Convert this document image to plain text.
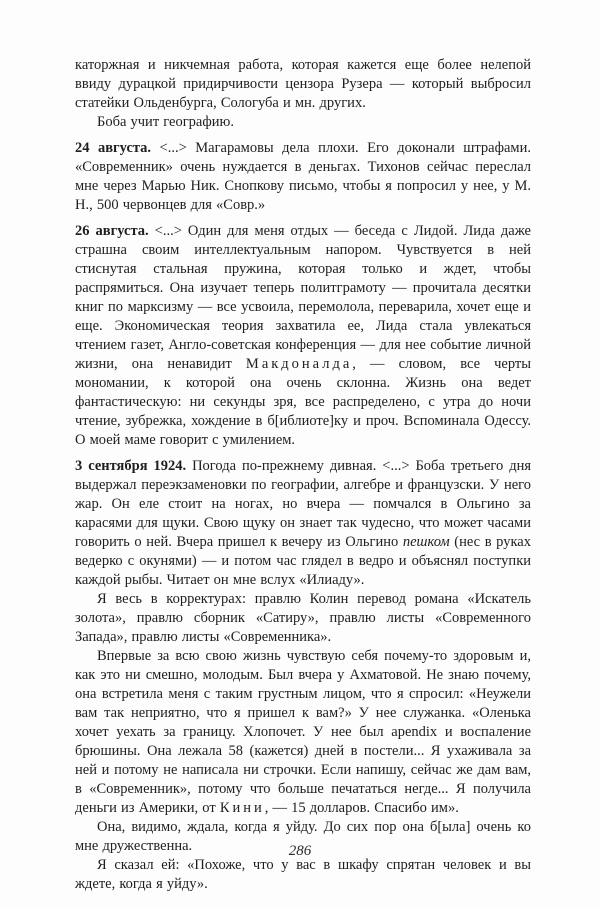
каторжная и никчемная работа, которая кажется еще более нелепой ввиду дурацкой придирчивости цензора Рузера — который выбросил статейки Ольденбурга, Сологуба и мн. других.

Боба учит географию.

24 августа. <...> Магарамовы дела плохи. Его доконали штрафами. «Современник» очень нуждается в деньгах. Тихонов сейчас переслал мне через Марью Ник. Снопкову письмо, чтобы я попросил у нее, у М. Н., 500 червонцев для «Совр.»

26 августа. <...> Один для меня отдых — беседа с Лидой. Лида даже страшна своим интеллектуальным напором. Чувствуется в ней стиснутая стальная пружина, которая только и ждет, чтобы распрямиться. Она изучает теперь политграмоту — прочитала десятки книг по марксизму — все усвоила, перемолола, переварила, хочет еще и еще. Экономическая теория захватила ее, Лида стала увлекаться чтением газет, Англо-советская конференция — для нее событие личной жизни, она ненавидит Макдоналда, — словом, все черты мономании, к которой она очень склонна. Жизнь она ведет фантастическую: ни секунды зря, все распределено, с утра до ночи чтение, зубрежка, хождение в б[иблиоте]ку и проч. Вспоминала Одессу. О моей маме говорит с умилением.

3 сентября 1924. Погода по-прежнему дивная. <...> Боба третьего дня выдержал переэкзаменовки по географии, алгебре и французски. У него жар. Он еле стоит на ногах, но вчера — помчался в Ольгино за карасями для щуки. Свою щуку он знает так чудесно, что может часами говорить о ней. Вчера пришел к вечеру из Ольгино пешком (нес в руках ведерко с окунями) — и потом час глядел в ведро и объяснял поступки каждой рыбы. Читает он мне вслух «Илиаду».

Я весь в корректурах: правлю Колин перевод романа «Искатель золота», правлю сборник «Сатиру», правлю листы «Современного Запада», правлю листы «Современника».

Впервые за всю свою жизнь чувствую себя почему-то здоровым и, как это ни смешно, молодым. Был вчера у Ахматовой. Не знаю почему, она встретила меня с таким грустным лицом, что я спросил: «Неужели вам так неприятно, что я пришел к вам?» У нее служанка. «Оленька хочет уехать за границу. Хлопочет. У нее был apendix и воспаление брюшины. Она лежала 58 (кажется) дней в постели... Я ухаживала за ней и потому не написала ни строчки. Если напишу, сейчас же дам вам, в «Современник», потому что больше печататься негде... Я получила деньги из Америки, от Кини, — 15 долларов. Спасибо им».

Она, видимо, ждала, когда я уйду. До сих пор она б[ыла] очень ко мне дружественна.

Я сказал ей: «Похоже, что у вас в шкафу спрятан человек и вы ждете, когда я уйду».

286
